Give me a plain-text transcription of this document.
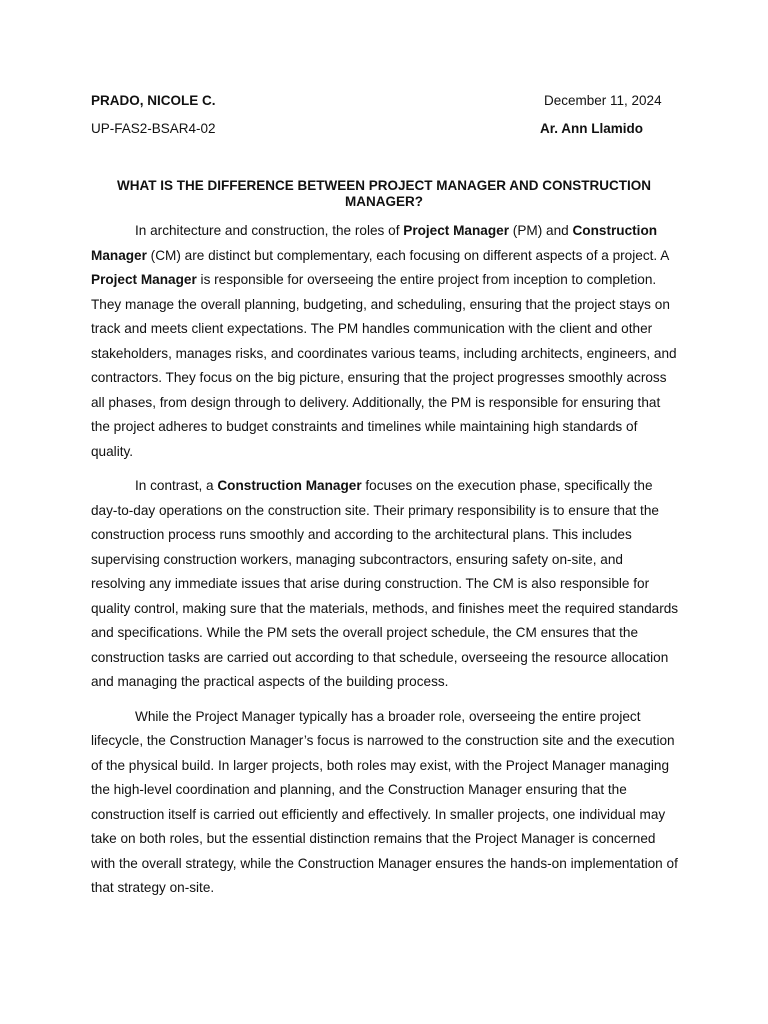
PRADO, NICOLE C.
UP-FAS2-BSAR4-02
December 11, 2024
Ar. Ann Llamido
WHAT IS THE DIFFERENCE BETWEEN PROJECT MANAGER AND CONSTRUCTION MANAGER?

In architecture and construction, the roles of Project Manager (PM) and Construction Manager (CM) are distinct but complementary, each focusing on different aspects of a project. A Project Manager is responsible for overseeing the entire project from inception to completion. They manage the overall planning, budgeting, and scheduling, ensuring that the project stays on track and meets client expectations. The PM handles communication with the client and other stakeholders, manages risks, and coordinates various teams, including architects, engineers, and contractors. They focus on the big picture, ensuring that the project progresses smoothly across all phases, from design through to delivery. Additionally, the PM is responsible for ensuring that the project adheres to budget constraints and timelines while maintaining high standards of quality.

In contrast, a Construction Manager focuses on the execution phase, specifically the day-to-day operations on the construction site. Their primary responsibility is to ensure that the construction process runs smoothly and according to the architectural plans. This includes supervising construction workers, managing subcontractors, ensuring safety on-site, and resolving any immediate issues that arise during construction. The CM is also responsible for quality control, making sure that the materials, methods, and finishes meet the required standards and specifications. While the PM sets the overall project schedule, the CM ensures that the construction tasks are carried out according to that schedule, overseeing the resource allocation and managing the practical aspects of the building process.

While the Project Manager typically has a broader role, overseeing the entire project lifecycle, the Construction Manager’s focus is narrowed to the construction site and the execution of the physical build. In larger projects, both roles may exist, with the Project Manager managing the high-level coordination and planning, and the Construction Manager ensuring that the construction itself is carried out efficiently and effectively. In smaller projects, one individual may take on both roles, but the essential distinction remains that the Project Manager is concerned with the overall strategy, while the Construction Manager ensures the hands-on implementation of that strategy on-site.
